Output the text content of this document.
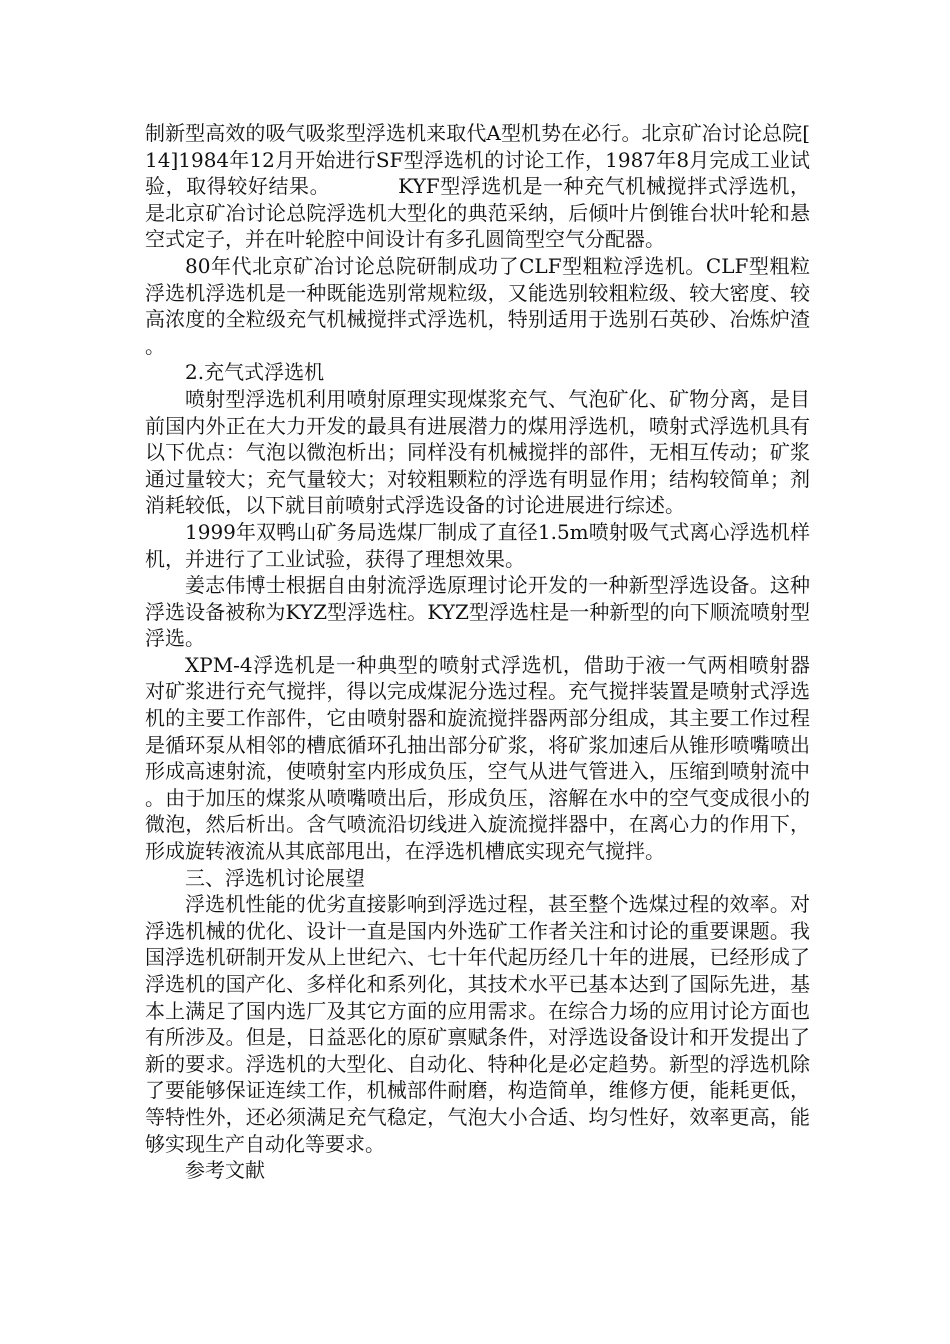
制新型高效的吸气吸浆型浮选机来取代A型机势在必行。北京矿冶讨论总院[14]1984年12月开始进行SF型浮选机的讨论工作，1987年8月完成工业试验，取得较好结果。	KYF型浮选机是一种充气机械搅拌式浮选机，是北京矿冶讨论总院浮选机大型化的典范采纳，后倾叶片倒锥台状叶轮和悬空式定子，并在叶轮腔中间设计有多孔圆筒型空气分配器。

80年代北京矿冶讨论总院研制成功了CLF型粗粒浮选机。CLF型粗粒浮选机浮选机是一种既能选别常规粒级，又能选别较粗粒级、较大密度、较高浓度的全粒级充气机械搅拌式浮选机，特别适用于选别石英砂、冶炼炉渣。

2.充气式浮选机

喷射型浮选机利用喷射原理实现煤浆充气、气泡矿化、矿物分离，是目前国内外正在大力开发的最具有进展潜力的煤用浮选机，喷射式浮选机具有以下优点：气泡以微泡析出；同样没有机械搅拌的部件，无相互传动；矿浆通过量较大；充气量较大；对较粗颗粒的浮选有明显作用；结构较简单；剂消耗较低，以下就目前喷射式浮选设备的讨论进展进行综述。

1999年双鸭山矿务局选煤厂制成了直径1.5m喷射吸气式离心浮选机样机，并进行了工业试验，获得了理想效果。

姜志伟博士根据自由射流浮选原理讨论开发的一种新型浮选设备。这种浮选设备被称为KYZ型浮选柱。KYZ型浮选柱是一种新型的向下顺流喷射型浮选。

XPM-4浮选机是一种典型的喷射式浮选机，借助于液一气两相喷射器对矿浆进行充气搅拌，得以完成煤泥分选过程。充气搅拌装置是喷射式浮选机的主要工作部件，它由喷射器和旋流搅拌器两部分组成，其主要工作过程是循环泵从相邻的槽底循环孔抽出部分矿浆，将矿浆加速后从锥形喷嘴喷出形成高速射流，使喷射室内形成负压，空气从进气管进入，压缩到喷射流中。由于加压的煤浆从喷嘴喷出后，形成负压，溶解在水中的空气变成很小的微泡，然后析出。含气喷流沿切线进入旋流搅拌器中，在离心力的作用下，形成旋转液流从其底部甩出，在浮选机槽底实现充气搅拌。

三、浮选机讨论展望

浮选机性能的优劣直接影响到浮选过程，甚至整个选煤过程的效率。对浮选机械的优化、设计一直是国内外选矿工作者关注和讨论的重要课题。我国浮选机研制开发从上世纪六、七十年代起历经几十年的进展，已经形成了浮选机的国产化、多样化和系列化，其技术水平已基本达到了国际先进，基本上满足了国内选厂及其它方面的应用需求。在综合力场的应用讨论方面也有所涉及。但是，日益恶化的原矿禀赋条件，对浮选设备设计和开发提出了新的要求。浮选机的大型化、自动化、特种化是必定趋势。新型的浮选机除了要能够保证连续工作，机械部件耐磨，构造简单，维修方便，能耗更低，等特性外，还必须满足充气稳定，气泡大小合适、均匀性好，效率更高，能够实现生产自动化等要求。

参考文献
